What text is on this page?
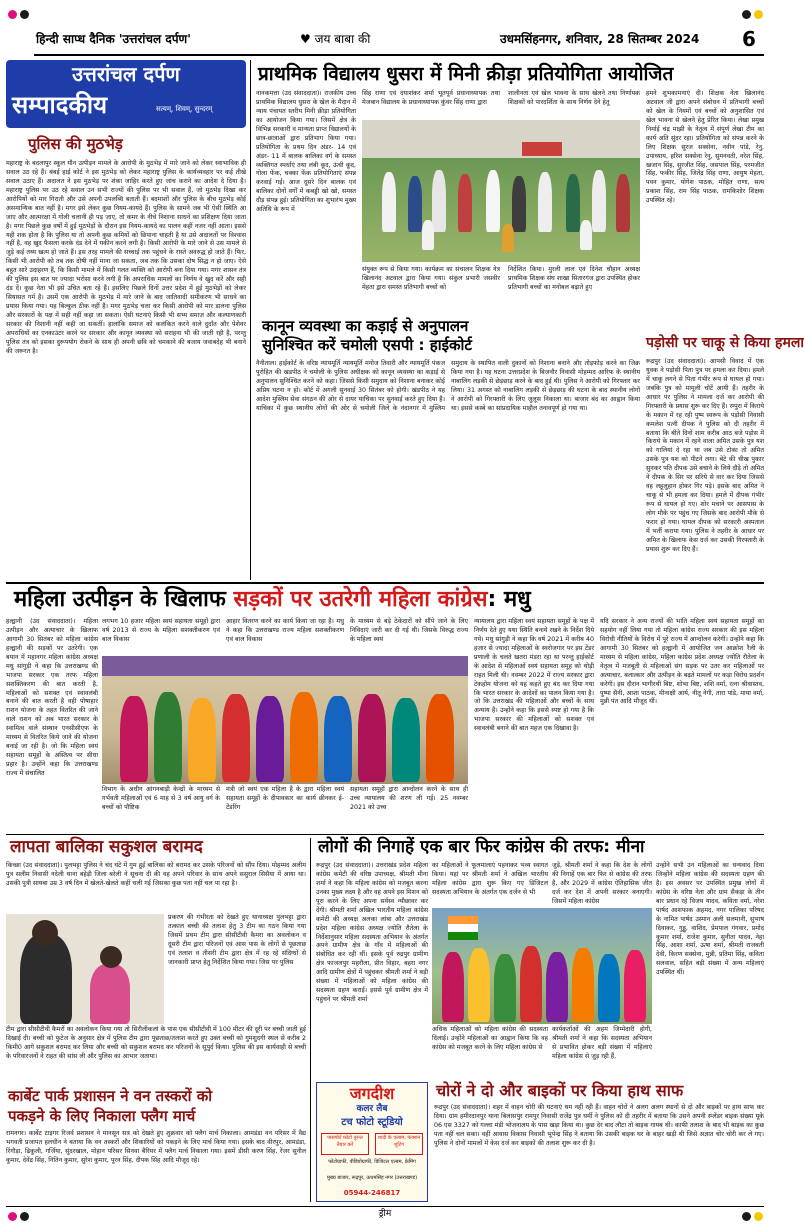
हिन्दी साप्ध दैनिक 'उत्तरांचल दर्पण'	♥ जय बाबा की	उधमसिंहनगर, शनिवार, 28 सितम्बर 2024 6
उत्तरांचल दर्पण
सम्पादकीय	सत्यम्, शिवम्, सुन्दरम्
पुलिस की मुठभेड़
महाराष्ट्र के बदलापुर स्कूल यौन उत्पीड़न मामले के आरोपी के मुठभेड़ में मारे जाने को लेकर स्वाभाविक ही सवाल उठ रहे हैं। बंबई हाई कोर्ट ने इस मुठभेड़ को लेकर महाराष्ट्र पुलिस के कार्यव्यवहार पर कई तीखे सवाल उठाए हैं। अदालत ने इस मुठभेड़ पर शंका जाहिर करते हुए जांच कराने का आदेश दे दिया है। महाराष्ट्र पुलिस पर उठ रहे सवाल उन सभी राज्यों की पुलिस पर भी सवाल हैं, जो मुठभेड़ दिखा कर आरोपियों को मार गिराती और उसे अपनी उपलब्धि बताती हैं। बदमाशों और पुलिस के बीच मुठभेड़ कोई असमान्यिक बात नहीं है। मगर इसे लेकर कुछ नियम-कायदे हैं। पुलिस के सामने जब भी ऐसी स्थिति आ जाए और आत्मरक्षा में गोली चलानी ही पड़ जाए, तो कमर के नीचे निशाना साधने का प्रशिक्षण दिया जाता है। मगर पिछले कुछ वर्षों में हुई मुठभेड़ों के दौरान इस नियम-कायदे का पालन कहीं नजर नहीं आता। इससे यही शक होता है कि पुलिस या तो अपनी कुछ कमियों को छिपाना चाहती है या उसे अदालतों पर विश्वास नहीं है, वह खुद फैसला करके दंड देने में यकीन करने लगी है। किसी आरोपी के मारे जाने से उस मामले से जुड़े कई तथ्य खत्म हो जाते हैं। इस तरह मामले की सच्चाई तक पहुंचने के रास्ते अवरुद्ध हो जाते हैं। फिर, किसी भी आरोपी को तब तक दोषी नहीं माना जा सकता, जब तक कि उसका दोष सिद्ध न हो जाए। ऐसे बहुत सारे उदाहरण हैं, कि किसी मामले में किसी गलत व्यक्ति को आरोपी बना दिया गया। मगर शासन तंत्र की पुलिस इस बात पर ज्यादा भरोसा करने लगी है कि अपराधिक मामलों का निर्णय वे खुद करें और सही दंड दें। कुछ नेता भी इसे उचित बता रहे हैं। इसलिए पिछले दिनों उत्तर प्रदेश में हुई मुठभेड़ों को लेकर सियासत गर्म है। उसमें एक आरोपी के मुठभेड़ में मारे जाने के बाद जातिवादी समीकरण भी साधने का प्रयास किया गया। यह बिल्कुल ठीक नहीं है। मगर मुठभेड़ चला कर किसी आरोपी को मार डालना पुलिस और सरकारों के पक्ष में सही नहीं कहा जा सकता। ऐसी घटनाएं किसी भी सभ्य समाज और कल्याणकारी सरकार की निशानी नहीं कही जा सकतीं। हालांकि समाज को कलंकित करने वाले दुर्दांत और पेशेवर अपराधियों का एनकाउंटर करने पर सरकार और कानून व्यवस्था को सराहना भी की जाती रही है, परन्तु पुलिस तंत्र को इसका दुरूपयोग रोकने के साथ ही अपनी छवि को चमकाने की बजाय जवाबदेह भी बनाने की जरूरत है।
प्राथमिक विद्यालय धुसरा में मिनी क्रीड़ा प्रतियोगिता आयोजित
नानकमत्ता (उद संवाददाता)। राजकीय उच्च प्राथमिक विद्यालय धुसरा के खेल के मैदान में न्याय पंचायत स्तरीय मिनी क्रीड़ा प्रतियोगिता का आयोजन किया गया। जिसमें क्षेत्र के विभिन्न सरकारी व मान्यता प्राप्त विद्यालयों के छात्र-छात्राओं द्वारा प्रतिभाग किया गया। प्रतियोगिता के प्रथम दिन अंडर- 14 एवं अंडर- 11 में बालक बालिका वर्ग के समस्त व्यक्तिगत स्पर्धाएं तथा लंबी कूद, ऊंची कूद, गोला फेंक, चक्का फेंक प्रतियोगिताएं संपन्न करवाई गईं। आज दूसरे दिन बालक एवं बालिका दोनों वर्गों में कबड्डी खो खो, समस्त दौड़ संपन्न हुई। प्रतियोगिता का शुभारंभ मुख्य अतिथि के रूप में
सिंह राणा एवं दयाशंकर शर्मा भूतपूर्व प्रधानाध्यापक तथा मेजबान विद्यालय के प्रधानाध्यापक कुंवर सिंह राणा द्वारा
शालीनता एवं खेल भावना के साथ खेलने तथा निर्णायक शिक्षकों को पारदर्शिता के साथ निर्णय देने हेतु
संयुक्त रूप से किया गया। कार्यक्रम का संचालन शिक्षक नेत्र खिलानंद अटवाल द्वारा किया गया। संकुल प्रभारी जसवीर मेहता द्वारा समस्त प्रतिभागी बच्चों को
निर्देशित किया। मुरली लाल एवं दिनेश चौहान अध्यक्ष प्राथमिक शिक्षक संघ शाखा सितारगंज द्वारा उपस्थित होकर प्रतिभागी बच्चों का मनोबल बढ़ाते हुए
हमने शुभकामनाएं दी। शिक्षक नेता खिलानंद अटवाल जी द्वारा अपने संबोधन में प्रतिभागी बच्चों को खेल के नियमों एवं बच्चों को अनुशासित एवं खेल भावना से खेलने हेतु प्रेरित किया। लेखा प्रमुख निर्माई चंद्र माझी के नेतृत्व में संपूर्ण लेखा टीम का कार्य अति सुंदर रहा। प्रतियोगिता को संपन्न करने के लिए शिक्षक सुरज सक्सेना, नवीन पांडे, रेनु, उपाध्याय, हरिश सक्सेना रेनु, सुमनवती, नरेश सिंह, खजान सिंह, सुरजीत सिंह, जसपाल सिंह, परमजीत सिंह, फकीर सिंह, जितेंद्र सिंह राणा, आयुष मेहता, पवन कुमार, योगेश पाठक, मोहित राणा, सत्य प्रकाश सिंह, राम सिंह पाठक, रामकिशोर शिक्षक उपस्थित रहे।
कानून व्यवस्था का कड़ाई से अनुपालन
सुनिश्चित करें चमोली एसपी : हाईकोर्ट
नैनीताल। हाईकोर्ट के वरिष्ठ न्यायमूर्ति न्यायमूर्ति मनोज तिवारी और न्यायमूर्ति पंकज पुरोहित की खंडपीठ ने चमोली के पुलिस अधीक्षक को कानून व्यवस्था का कड़ाई से अनुपालन सुनिश्चित करने को कहा। जिससे किसी समुदाय को निशाना बनाकर कोई अप्रिय घटना न हो। कोर्ट में अगली सुनवाई 30 सितंबर को होगी। खंडपीठ ने यह आदेश मुस्लिम सेवा संगठन की ओर से दायर याचिका पर सुनवाई करते हुए दिया है। याचिका में कुछ स्थानीय लोगों की ओर से चमोली जिले के नंदानगर में मुस्लिम समुदाय के स्थापित वाली दुकानों को निशाना बनाने और तोड़फोड़ करने का जिक्र किया गया है। यह घटना उत्तरप्रदेश के बिजनौर निवासी मोहम्मद आरिफ के स्थानीय नाबालिग लड़की से छेड़छाड़ करने के बाद हुई थी। पुलिस ने आरोपी को गिरफ्तार कर लिया। 31 अगस्त को नाबालिग लड़की से छेड़छाड़ की घटना के बाद स्थानीय लोगों ने आरोपी को गिरफ्तारी के लिए जुलूस निकाला था। बाजार बंद का आह्वान किया था। इससे कस्बे का सांप्रदायिक माहौल तनावपूर्ण हो गया था।
पड़ोसी पर चाकू से किया हमला
रूद्रपुर (उद संवाददाता)। आपसी विवाद में एक युवक ने पड़ोसी पिता पुत्र पर हमला कर दिया। हमले में चाकू लगने से पिता गंभीर रूप से घायल हो गया। जबकि पुत्र को मामूली चोटें आयी हैं। तहरीर के आधार पर पुलिस ने मामला दर्ज कर आरोपी की गिरफ्तारी के प्रयास शुरू कर दिए हैं। रम्पुरा में किराये के मकान में रह रही पुष्प स्वरूप के पड़ोसी निवासी कमलेश पत्नी दीपक ने पुलिस को दी तहरीर में बताया कि बीते दिनों शाम करीब आठ बजे पड़ोस में किराये के मकान में रहने वाला अमित उसके पुत्र यश को गालियां दे रहा था जब उसे टोका तो अमित उसके पुत्र यश को पीटने लगा। बेटे की चीख पुकार सुनकर पति दीपक उसे बचाने के लिये दौड़े तो अमित ने दीपक के सिर पर सरिये से वार कर दिया जिससे वह लहूलुहान होकर गिर पड़े। इसके बाद अमित ने चाकू से भी हमला कर दिया। हमले में दीपक गंभीर रूप से घायल हो गए। शोर मचाने पर आसपास के लोग मौके पर पहुंच गए जिसके बाद आरोपी मौके से फरार हो गया। घायल दीपक को सरकारी अस्पताल में भर्ती कराया गया। पुलिस ने तहरीर के आधार पर अमित के खिलाफ केस दर्ज कर उसकी गिरफ्तारी के प्रयास शुरू कर दिए हैं।
महिला उत्पीड़न के खिलाफ सड़कों पर उतरेगी महिला कांग्रेस: मधु
हल्द्वानी (उद संवाददाता)। महिला उत्पीड़न और अत्याचार के खिलाफ आगामी 30 सितंबर को महिला कांग्रेस हल्द्वानी की सड़कों पर उतरेगी। एक बयान में महानगर महिला कांग्रेस अध्यक्ष मधु सांगुड़ी ने कहा कि उत्तराखण्ड की भाजपा सरकार एक तरफ महिला सशक्तिकरण की बात करती है, महिलाओं को सशक्त एवं स्वावलंबी बनाने की बात करती है वही पोषाहार राशन योजना के तहत वितरित की जाने वाले राशन को अब भारत सरकार के स्वामित्व वाले संस्थान एनसीसीएफ के माध्यम से वितरित किये जाने की योजना बनाई जा रही है। जो कि महिला स्वयं सहायता समूहों के अस्तित्व पर सीधा प्रहार है। उन्होंने कहा कि उत्तराखण्ड राज्य में संचालित
लगभग 10 हजार महिला स्वयं सहायता समूहों द्वारा वर्ष 2013 से राज्य के महिला सशक्तीकरण एवं बाल विकास
आहार वितरण करने का कार्य किया जा रहा है। मधु ने कहा कि उत्तराखण्ड राज्य महिला सशक्तीकरण एवं बाल विकास
के माध्यम से बड़े ठेकेदारों को सौंपे जाने के लिए निविदाएं जारी कर दी गई थी। जिसके विरुद्ध राज्य के महिला स्वयं
विभाग के अधीन आंगनबाड़ी केन्द्रों के माध्यम से गर्भवती महिलाओं एवं 6 माह से 3 वर्ष आयु वर्ग के बच्चों को पौष्टिक
मंत्री जो स्वयं एक महिला है के द्वारा महिला स्वयं सहायता समूहों के दीपावकार का कार्य छीनकर ई-टेंडरिंग
सहायता समूहों द्वारा आन्दोलन करने के साथ ही उच्च न्यायालय की शरण ली गई। 25 नवम्बर 2021 को उच्च
न्यायालय द्वारा महिला स्वयं सहायता समूहों के पक्ष में निर्णय देते हुए यथा स्थिति बनाये रखने के निर्देश दिये गये। मधु सांगुड़ी ने कहा कि वर्ष 2021 में करीब 40 हजार से ज्यादा महिलाओं के स्वरोजगार पर इस टेंडर प्रणाली के चलते खतरा मंडरा रहा था परन्तु हाईकोर्ट के आदेश से महिलाओं स्वयं सहायता समूह को थोड़ी राहत मिली थी। नवम्बर 2022 में राज्य सरकार द्वारा टेकहोम योजना को यह कहते हुए बंद कर दिया गया कि भारत सरकार के आदेशों का पालन किया गया है। जो कि उत्तराखंड की महिलाओं और बच्चों के साथ अन्याय है। उन्होंने कहा कि इससे स्पष्ट हो गया है कि भाजपा सरकार की महिलाओं को सशक्त एवं स्वावलंबी बनाने की बात महज एक दिखावा है।
यदि सरकार ने अन्य राज्यों की भांति महिला स्वयं सहायता समूहों का सहयोग नहीं लिया गया तो महिला कांग्रेस राज्य सरकार की इस महिला विरोधी नीतियों के विरोध में पूरे राज्य में आन्दोलन करेगी। उन्होंने कहा कि आगामी 30 सितंबर को हल्द्वानी में आयोजित जन आक्रोश रैली के माध्यम से महिला कांग्रेस, महिला कांग्रेस प्रदेश अध्यक्ष ज्योति रौतेला के नेतृत्व में मजबूती से महिलाओं संग सड़क पर उतर कर महिलाओं पर अत्याचार, बलात्कार और उत्पीड़न के बढ़ते मामलों पर कड़ा विरोध प्रदर्शन करेगी। इस दौरान भागीरथी बिष्ट, शोभा बिष्ट, शशि वर्मा, रत्ना श्रीवास्तव, पुष्पा सैनी, आशा पाठक, मीनाक्षी आर्य, नीतू नेगी, तारा पांडे, माया वर्मा, मुन्नी पंत आदि मौजूद थीं।
लापता बालिका सकुशल बरामद
किच्छा (उद संवाददाता)। पुलभट्टा पुलिस ने चंद घंटे में गुम हुई बालिका को बरामद कर उसके परिजनों को सौंप दिया। मोहम्मद अलीम पुत्र सलीम निवासी नदेली थाना बहेड़ी जिला बरेली ने सूचना दी की वह अपने परिवार के साथ अपने ससुराल सिसैया में आया था। उसकी पुत्री सायबा उम्र 3 वर्ष दिन में खेलते-खेलते कहीं चली गई जिसका कुछ पता नहीं चल पा रहा है।
प्रकरण की गंभीरता को देखते हुए थानाध्यक्ष पुलभट्टा द्वारा तत्काल बच्ची की तलाश हेतु 3 टीम का गठन किया गया जिसमें प्रथम टीम द्वारा सीसीटीवी कैमरा का अवलोकन व दूसरी टीम द्वारा परिजनों एवं आस पास के लोगों से पूछताछ एवं तलाश व तीसरी टीम द्वारा क्षेत्र में रह रहे संदिग्धों से जानकारी प्राप्त हेतु निर्देशित किया गया। जिस पर पुलिस
टीम द्वारा सीसीटीवी कैमरों का अवलोकन किया गया तो सिरौलीकलां के पास एक सीसीटीवी में 100 मीटर की दूरी पर बच्ची जाती हुई दिखाई दी। बच्ची को फुटेज के अनुसार क्षेत्र में पुलिस टीम द्वारा पूछताछ/तलाश करते हुए उक्त बच्ची को गुमशुदगी स्थल से करीब 2 किमी0 आगे सकुशल बरामद कर लिया और बच्ची को सकुशल बरामद कर परिजनों के सुपुर्द किया। पुलिस की इस कार्यवाही से बच्ची के परिवारजनों ने राहत की सांस ली और पुलिस का आभार जताया।
कार्बेट पार्क प्रशासन ने वन तस्करों को
पकड़ने के लिए निकाला फ्लैग मार्च
रामनगर। कार्बेट टाइगर रिजर्व प्रशासन ने मानसून सत्र को देखते हुए शुक्रवार को फ्लैग मार्च निकाला। आमडंडा वन परिसर में वैद्य भगवती प्रजापत हलधीन ने बताया कि वन तस्करों और शिकारियों को पकड़ने के लिए मार्च किया गया। इसके बाद वीरपुर, आमडंडा, रिंगौड़ा, ढिकुली, गर्जिया, सुंदरखाल, मोहान परिसर सिनवा बैरियर में फ्लैग मार्च निकाला गया। इसमें डीसी करण सिंह, रेंजर सुनील कुमार, देवेंद्र सिंह, नितिन कुमार, सुरेश कुमार, पूरन सिंह, दीपक सिंह आदि मौजूद रहे।
लोगों की निगाहें एक बार फिर कांग्रेस की तरफ: मीना
रूद्रपुर (उद संवाददाता)। उत्तराखंड प्रदेश महिला कांग्रेस कमेटी की वरिष्ठ उपाध्यक्ष, श्रीमती मीना शर्मा ने कहा कि महिला कांग्रेस को मजबूत करना उनका मुख्य लक्ष्य है और वह अपने इस मिशन को पूरा करने के लिए अपना सर्वस्व न्यौछावर कर देंगी। श्रीमती शर्मा अखिल भारतीय महिला कांग्रेस कमेटी की अध्यक्ष अलका लांबा और उत्तराखंड प्रदेश महिला कांग्रेस अध्यक्ष ज्योति रौतेला के निर्देशानुसार महिला सदस्यता अभियान के अंतर्गत अपने ग्रामीण क्षेत्र के गाँव में महिलाओं की संबोधित कर रही थीं। इसके पूर्व रुद्रपुर ग्रामीण क्षेत्र फाजलपुर महरौला, प्रीत विहार, बहरा नगर आदि ग्रामीण क्षेत्रों में पहुंचकर श्रीमती शर्मा ने बड़ी संख्या में महिलाओं को महिला कांग्रेस की सदस्यता ग्रहण कराई। इससे पूर्व ग्रामीण क्षेत्र में पहुंचने पर श्रीमती शर्मा
का महिलाओं ने फूलमालाएं पहनाकर भव्य स्वागत किया। यहां पर श्रीमती शर्मा ने अखिल भारतीय महिला कांग्रेस द्वारा शुरू किए गए डिजिटल सदस्यता अभियान के अंतर्गत एक दर्जन से भी
जुड़े, श्रीमती शर्मा ने कहा कि देश के लोगों की निगाहें एक बार फिर से कांग्रेस की तरफ है, और 2029 में कांग्रेस ऐतिहासिक जीत दर्ज कर देश में अपनी सरकार बनाएगी। जिसमें महिला कांग्रेस
अधिक महिलाओं को महिला कांग्रेस की सदस्यता दिलाई। उन्होंने महिलाओं का आह्वान किया कि वह कांग्रेस को मजबूत करने के लिए महिला कांग्रेस से
कार्यकर्ताओं की अहम जिम्मेदारी होगी, श्रीमती शर्मा ने कहा कि सदस्यता अभियान से प्रभावित होकर बड़ी संख्या में महिलाएं महिला कांग्रेस से जुड़ रही हैं,
उन्होंने सभी उन महिलाओं का धन्यवाद दिया जिन्होंने महिला कांग्रेस की सदस्यता ग्रहण की है। इस अवसर पर उपस्थित प्रमुख लोगों में कांग्रेस के वरिष्ठ नेता और ग्राम सैकड़ा के तीन बार प्रधान रहे विजय यादव, कविता वर्मा, नरेश पार्षद आशफाक अहमद, नगर पालिका परिषद के नामित पार्षद उस्मान अली सलमानी, सुभाष दिवाकर, गुड्डू, वाशिद, प्रेमपाल गंगवार, प्रमोद कुमार शर्मा, राजेश कुमार, सुनीता यादव, नेहा सिंह, आशा शर्मा, ऊषा शर्मा, श्रीमती राजबती देवी, किरण सक्सेना, मुन्नी, प्रतिमा सिंह, कविता सलवाल, सहित बड़ी संख्या में अन्य महिलाएं उपस्थित थीं।
जगदीश
कलर लैब
टच फोटो स्टूडियो
पासपोर्ट फोटो तुरन्त तैयार करें
शादी के एल्बम, फंक्शन शूटिंग
फोटोग्राफी, वीडियोग्राफी, डिजिटल एल्बम, फ्रेमिंग
मुख्य बाजार, रूद्रपुर, ऊधमसिंह नगर (उत्तराखण्ड)
05944-246817
चोरों ने दो और बाइकों पर किया हाथ साफ
रूद्रपुर (उद संवाददाता)। शहर में वाहन चोरी की घटनाएं थम नहीं रही हैं। वाहन चोरों ने अलग अलग स्थानों से दो और बाइकों पर हाथ साफ कर दिया। ग्राम हमीरदानपुर थाना बिलासपुर रामपुर निवासी राजेंद्र पुत्र धर्मी ने पुलिस को दी तहरीर में बताया कि उसने अपनी स्प्लेंडर बाइक संख्या यूके 06 एस 3327 को गल्ला मंडी भोजनालय के पास खड़ा किया था। कुछ देर बाद लौटा तो बाइक गायब थी। काफी तलाश के बाद भी बाइक का कुछ पता नहीं चल सका। वहीं आवास विकास निवासी भूपेन्द्र सिंह ने बताया कि उसकी बाइक घर के बाहर खड़ी थी जिसे अज्ञात चोर चोरी कर ले गए। पुलिस ने दोनों मामलों में केस दर्ज कर बाइकों की तलाश शुरू कर दी है।
ड्रीम
